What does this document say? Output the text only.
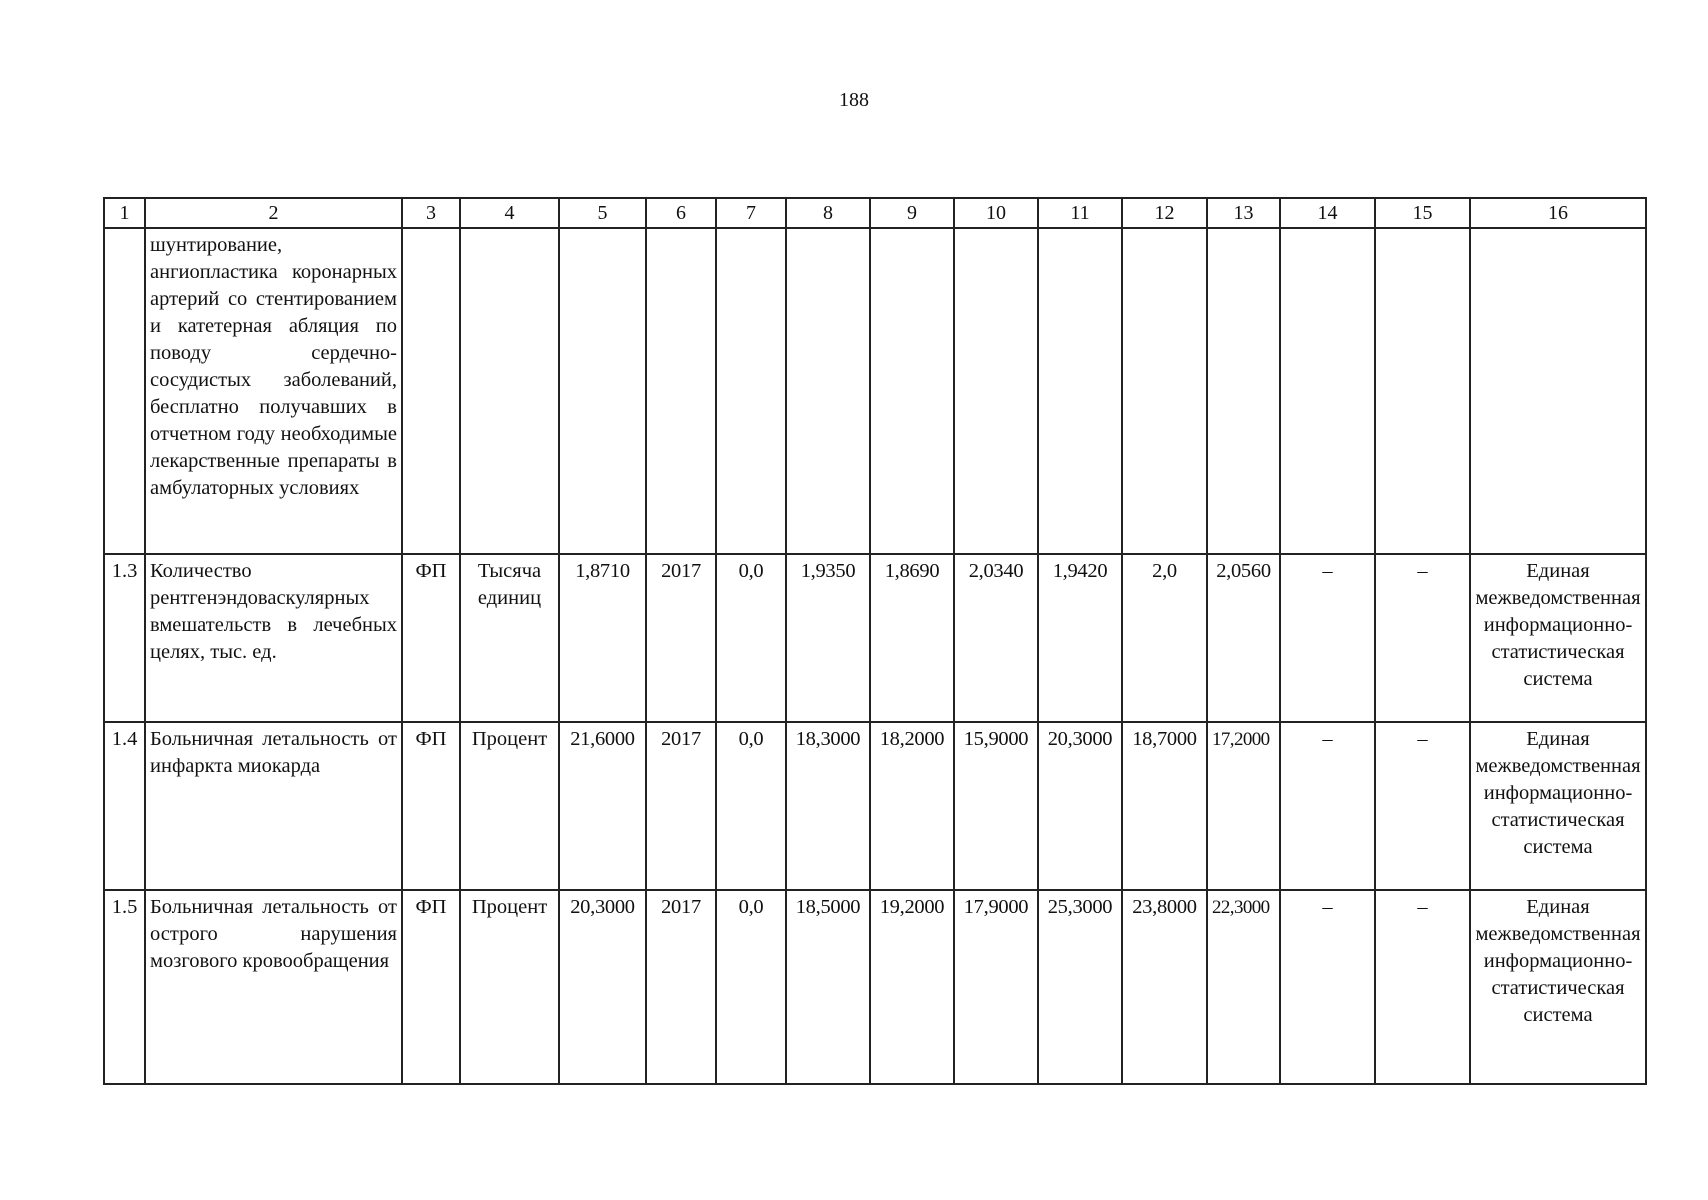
188
1	2	3	4	5	6	7	8	9	10	11	12	13	14	15	16
	шунтирование, ангиопластика коронарных артерий со стентированием и катетерная абляция по поводу сердечно-сосудистых заболеваний, бесплатно получавших в отчетном году необходимые лекарственные препараты в амбулаторных условиях														
1.3	Количество рентгенэндоваскулярных вмешательств в лечебных целях, тыс. ед.	ФП	Тысяча единиц	1,8710	2017	0,0	1,9350	1,8690	2,0340	1,9420	2,0	2,0560	–	–	Единая межведомственная информационно-статистическая система
1.4	Больничная летальность от инфаркта миокарда	ФП	Процент	21,6000	2017	0,0	18,3000	18,2000	15,9000	20,3000	18,7000	17,2000	–	–	Единая межведомственная информационно-статистическая система
1.5	Больничная летальность от острого нарушения мозгового кровообращения	ФП	Процент	20,3000	2017	0,0	18,5000	19,2000	17,9000	25,3000	23,8000	22,3000	–	–	Единая межведомственная информационно-статистическая система
